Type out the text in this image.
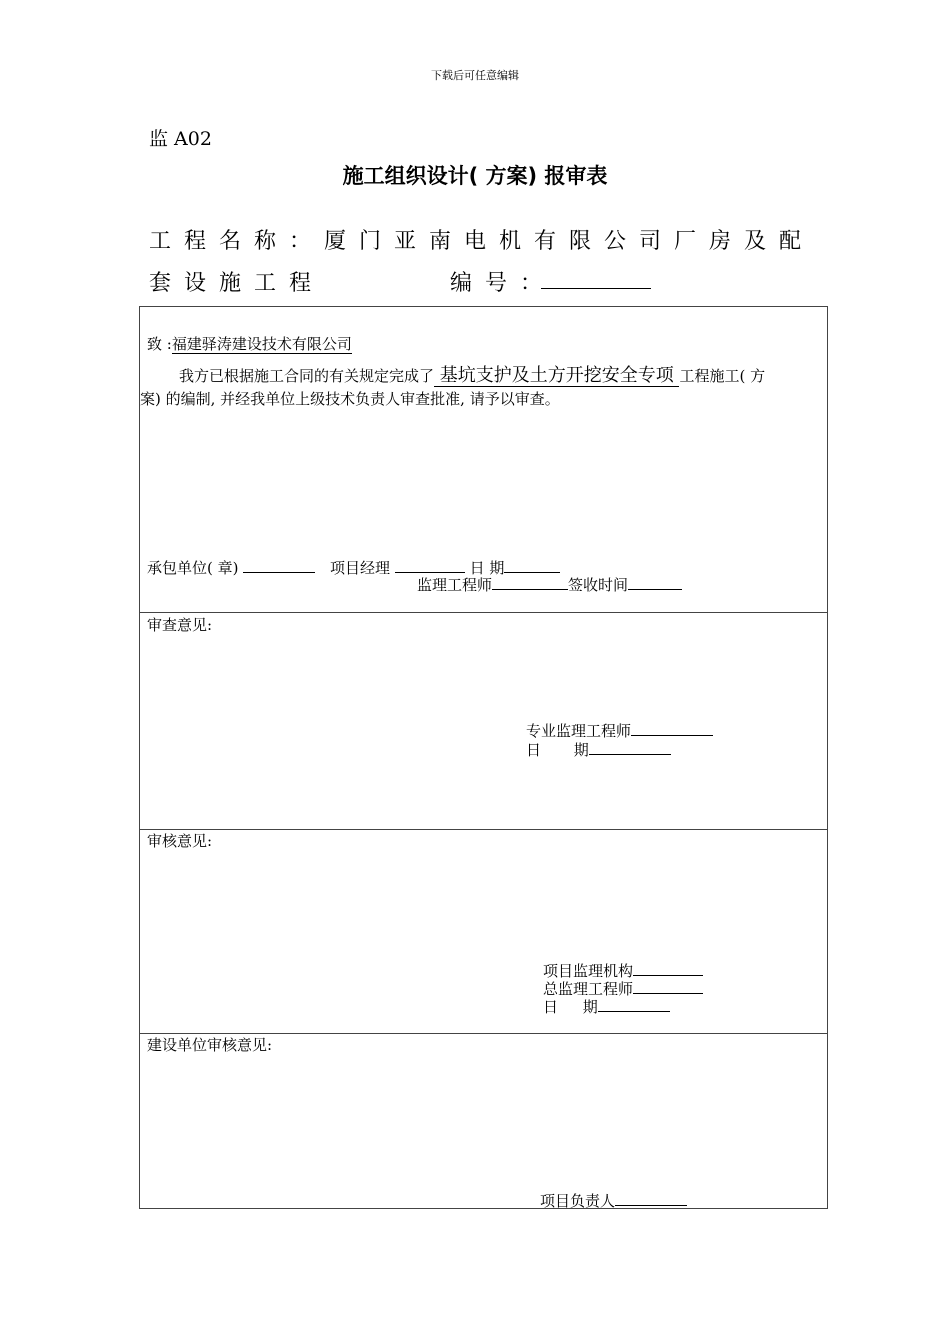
下载后可任意编辑
监 A02
施工组织设计( 方案) 报审表
工程名称：厦门亚南电机有限公司厂房及配
套设施工程	编号：
致 :福建驿涛建设技术有限公司
我方已根据施工合同的有关规定完成了 基坑支护及土方开挖安全专项 工程施工( 方
案) 的编制, 并经我单位上级技术负责人审查批准, 请予以审查。
承包单位( 章)	项目经理	日 期
监理工程师	签收时间
审查意见:
专业监理工程师
日 期
审核意见:
项目监理机构
总监理工程师
日 期
建设单位审核意见:
项目负责人
